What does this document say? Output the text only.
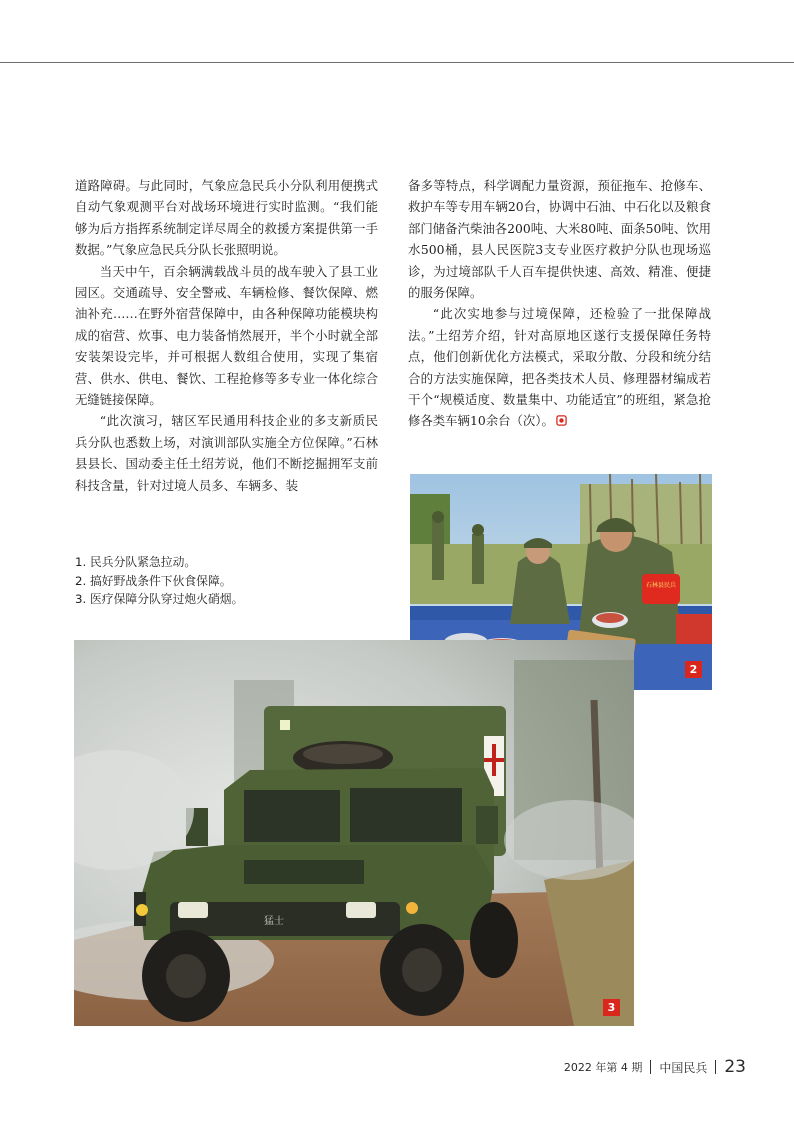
道路障碍。与此同时，气象应急民兵小分队利用便携式自动气象观测平台对战场环境进行实时监测。“我们能够为后方指挥系统制定详尽周全的救援方案提供第一手数据。”气象应急民兵分队长张照明说。

当天中午，百余辆满载战斗员的战车驶入了县工业园区。交通疏导、安全警戒、车辆检修、餐饮保障、燃油补充……在野外宿营保障中，由各种保障功能模块构成的宿营、炊事、电力装备悄然展开，半个小时就全部安装架设完毕，并可根据人数组合使用，实现了集宿营、供水、供电、餐饮、工程抢修等多专业一体化综合无缝链接保障。

“此次演习，辖区军民通用科技企业的多支新质民兵分队也悉数上场，对演训部队实施全方位保障。”石林县县长、国动委主任土绍芳说，他们不断挖掘拥军支前科技含量，针对过境人员多、车辆多、装

备多等特点，科学调配力量资源，预征拖车、抢修车、救护车等专用车辆20台，协调中石油、中石化以及粮食部门储备汽柴油各200吨、大米80吨、面条50吨、饮用水500桶，县人民医院3支专业医疗救护分队也现场巡诊，为过境部队千人百车提供快速、高效、精准、便捷的服务保障。

“此次实地参与过境保障，还检验了一批保障战法。”土绍芳介绍，针对高原地区遂行支援保障任务特点，他们创新优化方法模式，采取分散、分段和统分结合的方法实施保障，把各类技术人员、修理器材编成若干个“规模适度、数量集中、功能适宜”的班组，紧急抢修各类车辆10余台（次）。

1. 民兵分队紧急拉动。
2. 搞好野战条件下伙食保障。
3. 医疗保障分队穿过炮火硝烟。
石林县民兵
2
猛士
3
2022 年第 4 期 中国民兵 23
